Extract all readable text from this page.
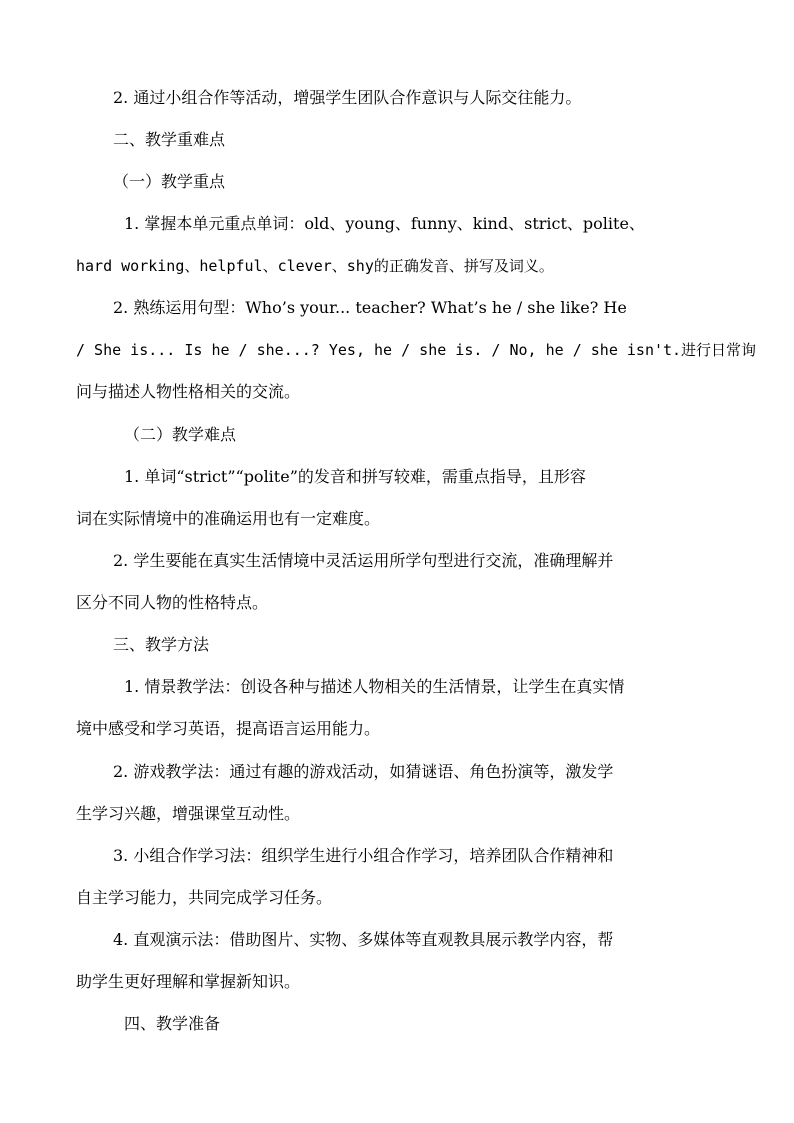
2. 通过小组合作等活动，增强学生团队合作意识与人际交往能力。
二、教学重难点
（一）教学重点
1. 掌握本单元重点单词：old、young、funny、kind、strict、polite、
hard working、helpful、clever、shy的正确发音、拼写及词义。
2. 熟练运用句型：Who’s your... teacher? What’s he / she like? He
/ She is... Is he / she...? Yes, he / she is. / No, he / she isn't.进行日常询
问与描述人物性格相关的交流。
（二）教学难点
1. 单词“strict”“polite”的发音和拼写较难，需重点指导，且形容
词在实际情境中的准确运用也有一定难度。
2. 学生要能在真实生活情境中灵活运用所学句型进行交流，准确理解并
区分不同人物的性格特点。
三、教学方法
1. 情景教学法：创设各种与描述人物相关的生活情景，让学生在真实情
境中感受和学习英语，提高语言运用能力。
2. 游戏教学法：通过有趣的游戏活动，如猜谜语、角色扮演等，激发学
生学习兴趣，增强课堂互动性。
3. 小组合作学习法：组织学生进行小组合作学习，培养团队合作精神和
自主学习能力，共同完成学习任务。
4. 直观演示法：借助图片、实物、多媒体等直观教具展示教学内容，帮
助学生更好理解和掌握新知识。
四、教学准备
